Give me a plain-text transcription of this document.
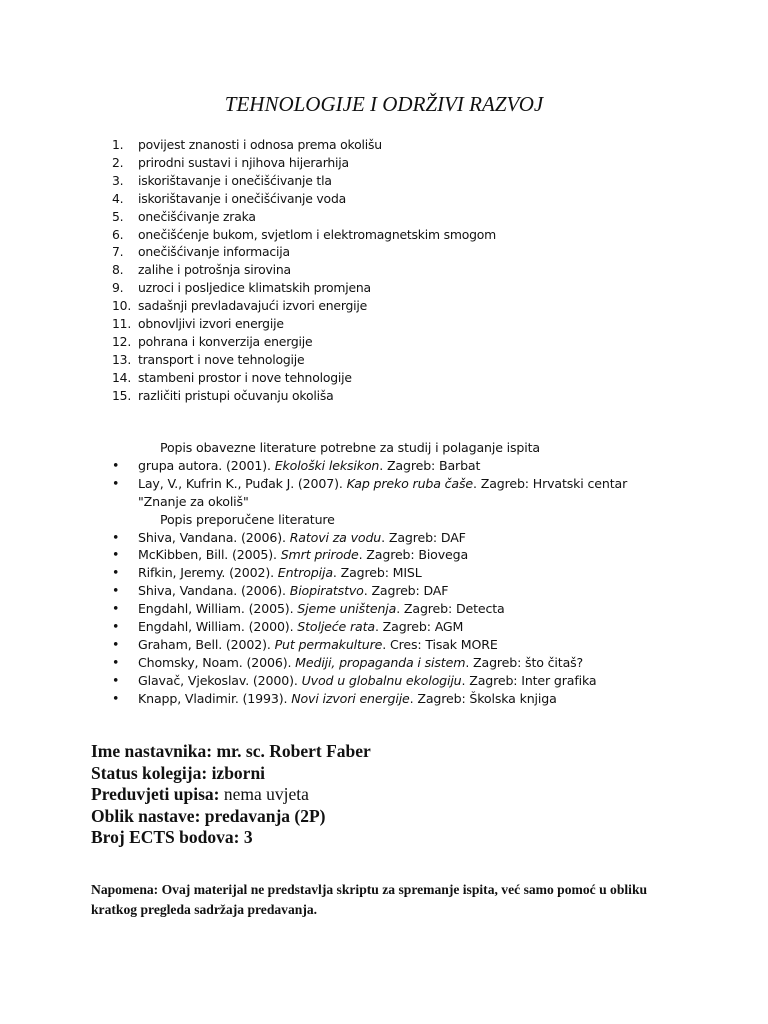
TEHNOLOGIJE I ODRŽIVI RAZVOJ
1. povijest znanosti i odnosa prema okolišu
2. prirodni sustavi i njihova hijerarhija
3. iskorištavanje i onečišćivanje tla
4. iskorištavanje i onečišćivanje voda
5. onečišćivanje zraka
6. onečišćenje bukom, svjetlom i elektromagnetskim smogom
7. onečišćivanje informacija
8. zalihe i potrošnja sirovina
9. uzroci i posljedice klimatskih promjena
10. sadašnji prevladavajući izvori energije
11. obnovljivi izvori energije
12. pohrana i konverzija energije
13. transport i nove tehnologije
14. stambeni prostor i nove tehnologije
15. različiti pristupi očuvanju okoliša
Popis obavezne literature potrebne za studij i polaganje ispita
•	grupa autora. (2001). Ekološki leksikon. Zagreb: Barbat
•	Lay, V., Kufrin K., Puđak J. (2007). Kap preko ruba čaše. Zagreb: Hrvatski centar "Znanje za okoliš"
Popis preporučene literature
•	Shiva, Vandana. (2006). Ratovi za vodu. Zagreb: DAF
•	McKibben, Bill. (2005). Smrt prirode. Zagreb: Biovega
•	Rifkin, Jeremy. (2002). Entropija. Zagreb: MISL
•	Shiva, Vandana. (2006). Biopiratstvo. Zagreb: DAF
•	Engdahl, William. (2005). Sjeme uništenja. Zagreb: Detecta
•	Engdahl, William. (2000). Stoljeće rata. Zagreb: AGM
•	Graham, Bell. (2002). Put permakulture. Cres: Tisak MORE
•	Chomsky, Noam. (2006). Mediji, propaganda i sistem. Zagreb: što čitaš?
•	Glavač, Vjekoslav. (2000). Uvod u globalnu ekologiju. Zagreb: Inter grafika
•	Knapp, Vladimir. (1993). Novi izvori energije. Zagreb: Školska knjiga
Ime nastavnika: mr. sc. Robert Faber
Status kolegija: izborni
Preduvjeti upisa: nema uvjeta
Oblik nastave: predavanja (2P)
Broj ECTS bodova: 3
Napomena: Ovaj materijal ne predstavlja skriptu za spremanje ispita, već samo pomoć u obliku kratkog pregleda sadržaja predavanja.
